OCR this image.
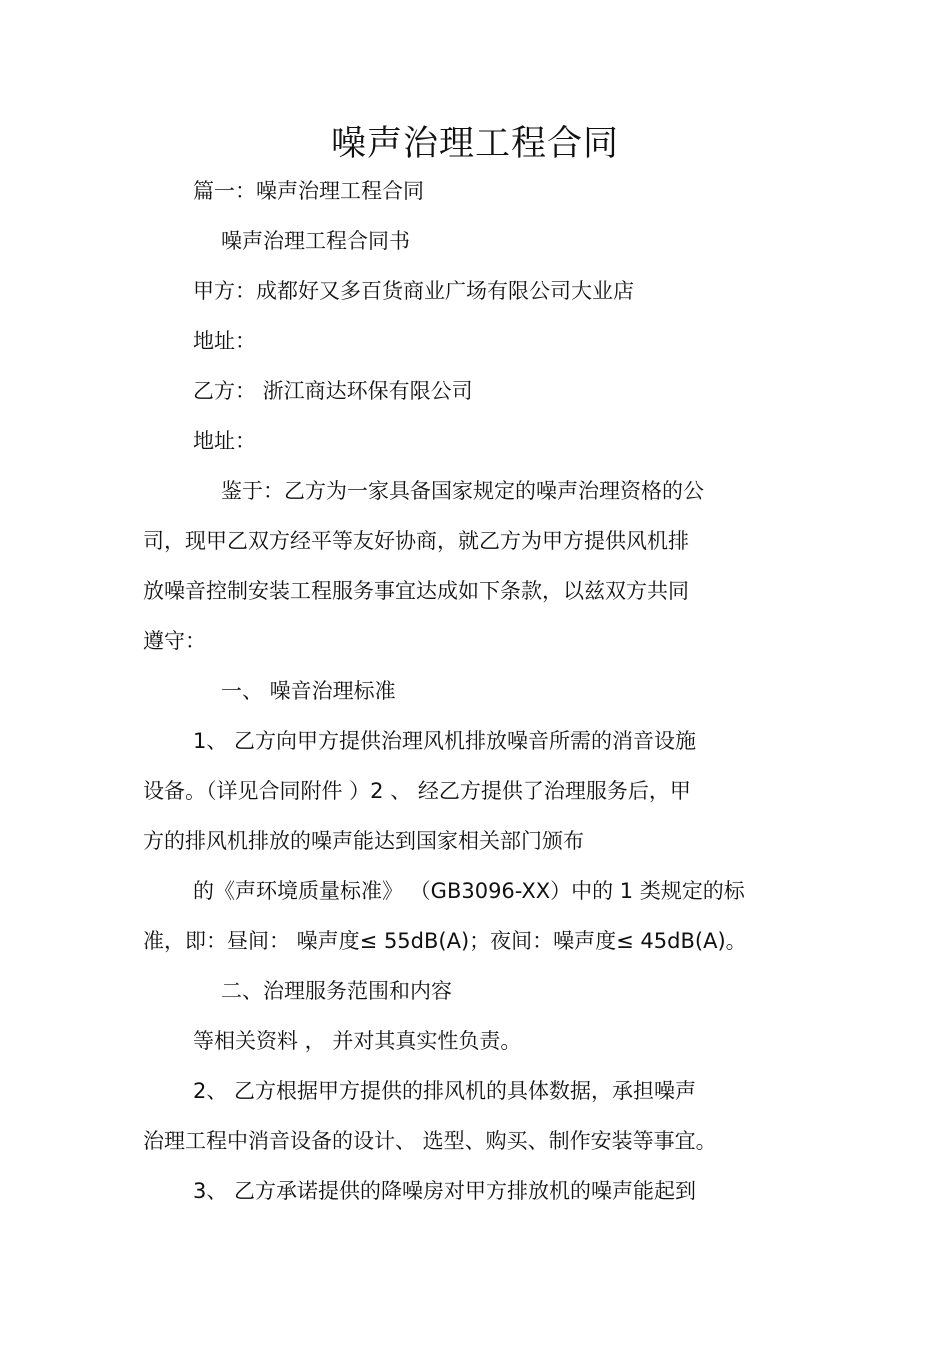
噪声治理工程合同
篇一：噪声治理工程合同
噪声治理工程合同书
甲方：成都好又多百货商业广场有限公司大业店
地址：
乙方： 浙江商达环保有限公司
地址：
鉴于：乙方为一家具备国家规定的噪声治理资格的公
司，现甲乙双方经平等友好协商，就乙方为甲方提供风机排
放噪音控制安装工程服务事宜达成如下条款，以兹双方共同
遵守：
一、 噪音治理标准
1、 乙方向甲方提供治理风机排放噪音所需的消音设施
设备。（详见合同附件 ）2 、 经乙方提供了治理服务后，甲
方的排风机排放的噪声能达到国家相关部门颁布
的《声环境质量标准》 （GB3096-XX）中的 1 类规定的标
准，即：昼间： 噪声度≤ 55dB(A)；夜间：噪声度≤ 45dB(A)。
二、治理服务范围和内容
等相关资料 ， 并对其真实性负责。
2、 乙方根据甲方提供的排风机的具体数据，承担噪声
治理工程中消音设备的设计、 选型、购买、制作安装等事宜。
3、 乙方承诺提供的降噪房对甲方排放机的噪声能起到
